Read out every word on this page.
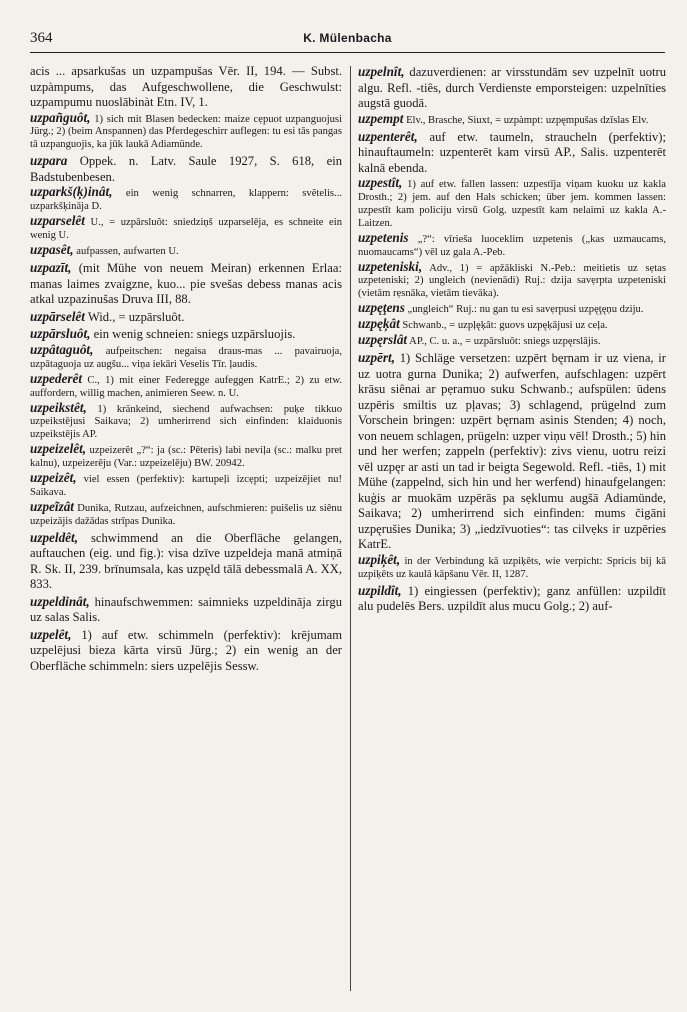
364	K. Mülenbacha

acis ... apsarkušas un uzpampušas Vēr. II, 194. — Subst. uzpàmpums, das Aufgeschwollene, die Geschwulst: uzpampumu nuoslābinàt Etn. IV, 1.

uzpañguôt, 1) sich mit Blasen bedecken: maize cẹpuot uzpanguojusi Jürg.; 2) (beim Anspannen) das Pferdegeschirr auflegen: tu esi tās pangas tā uzpanguojis, ka jūk laukā Adiamünde.

uzpara Oppek. n. Latv. Saule 1927, S. 618, ein Badstubenbesen.

uzparkš(ķ)inât, ein wenig schnarren, klappern: svẽtelis... uzparkšķināja D.

uzparselêt U., = uzpārsluôt: sniedziņš uzparselēja, es schneite ein wenig U.

uzpasêt, aufpassen, aufwarten U.

uzpazīt, (mit Mühe von neuem Meiran) erkennen Erlaa: manas laimes zvaigzne, kuo... pie svešas debess manas acis atkal uzpazinušas Druva III, 88.

uzpārselêt Wid., = uzpārsluôt.

uzpārsluôt, ein wenig schneien: sniegs uzpārsluojis.

uzpâtaguôt, aufpeitschen: negaisa draus-mas ... pavairuoja, uzpātaguoja uz augšu... viņa iekāri Veselis Tīr. ļaudis.

uzpederêt C., 1) mit einer Federegge aufeggen KatrE.; 2) zu etw. auffordern, willig machen, animieren Seew. n. U.

uzpeikstêt, 1) kränkeind, siechend aufwachsen: puķe tikkuo uzpeikstējusi Saikava; 2) umherirrend sich einfinden: klaiduonis uzpeikstējis AP.

uzpeizelêt, uzpeizerêt „?“: ja (sc.: Pēteris) labi neviļa (sc.: malku pret kalnu), uzpeizerēju (Var.: uzpeizelēju) BW. 20942.

uzpeizêt, viel essen (perfektiv): kartupeļi izcẹpti; uzpeizējiet nu! Saikava.

uzpeĩzât Dunika, Rutzau, aufzeichnen, aufschmieren: puišelis uz siênu uzpeizājis dažādas strīpas Dunika.

uzpeldêt, schwimmend an die Oberfläche gelangen, auftauchen (eig. und fig.): visa dzīve uzpeldeja manā atmiņā R. Sk. II, 239. brīnumsala, kas uzpęld tālā debessmalā A. XX, 833.

uzpeldinât, hinaufschwemmen: saimnieks uzpeldināja zirgu uz salas Salis.

uzpelêt, 1) auf etw. schimmeln (perfektiv): krējumam uzpelējusi bieza kārta virsū Jürg.; 2) ein wenig an der Oberfläche schimmeln: siers uzpelējis Sessw.

uzpelnît, dazuverdienen: ar virsstundām sev uzpelnīt uotru algu. Refl. -tiês, durch Verdienste emporsteigen: uzpelnīties augstā guodā.

uzpempt Elv., Brasche, Siuxt, = uzpàmpt: uzpęmpušas dzīslas Elv.

uzpenterêt, auf etw. taumeln, straucheln (perfektiv); hinauftaumeln: uzpenterēt kam virsū AP., Salis. uzpenterēt kalnā ebenda.

uzpestît, 1) auf etw. fallen lassen: uzpestīja viņam kuoku uz kakla Drosth.; 2) jem. auf den Hals schicken; über jem. kommen lassen: uzpestīt kam policiju virsū Golg. uzpestīt kam nelaimi uz kakla A.-Laitzen.

uzpetenis „?“: vīriešа luoceklim uzpetenis („kas uzmaucams, nuomaucams“) vēl uz gala A.-Peb.

uzpeteniski, Adv., 1) = apžākliski N.-Peb.: meitietis uz sẹtas uzpeteniski; 2) ungleich (nevienādi) Ruj.: dzija savẹrpta uzpeteniski (vietām rẹsnāka, vietām tievāka).

uzpęţens „ungleich“ Ruj.: nu gan tu esi savẹrpusi uzpęţęņu dziju.

uzpęķât Schwanb., = uzpļęķât: guovs uzpęķājusi uz ceļa.

uzpęrslât AP., C. u. a., = uzpārsluôt: sniegs uzpęrslājis.

uzpērt, 1) Schläge versetzen: uzpērt bęrnam ir uz viena, ir uz uotra gurna Dunika; 2) aufwerfen, aufschlagen: uzpērt krāsu siênai ar pẹramuo suku Schwanb.; aufspülen: ūdens uzpēris smiltis uz pļavas; 3) schlagend, prügelnd zum Vorschein bringen: uzpērt bęrnam asinis Stenden; 4) noch, von neuem schlagen, prügeln: uzper viņu vēl! Drosth.; 5) hin und her werfen; zappeln (perfektiv): zivs vienu, uotru reizi vēl uzpęr ar asti un tad ir beigta Segewold. Refl. -tiês, 1) mit Mühe (zappelnd, sich hin und her werfend) hinaufgelangen: kuģis ar muokām uzpērās pa sẹklumu augšā Adiamünde, Saikava; 2) umherirrend sich einfinden: mums čigāni uzpęrušies Dunika; 3) „iedzīvuoties“: tas cilvẹks ir uzpēries KatrE.

uzpiķêt, in der Verbindung kā uzpiķēts, wie verpicht: Spricis bij kā uzpiķēts uz kaulā kāpšanu Vēr. II, 1287.

uzpildît, 1) eingiessen (perfektiv); ganz anfüllen: uzpildīt alu pudelēs Bers. uzpildīt alus mucu Golg.; 2) auf-
